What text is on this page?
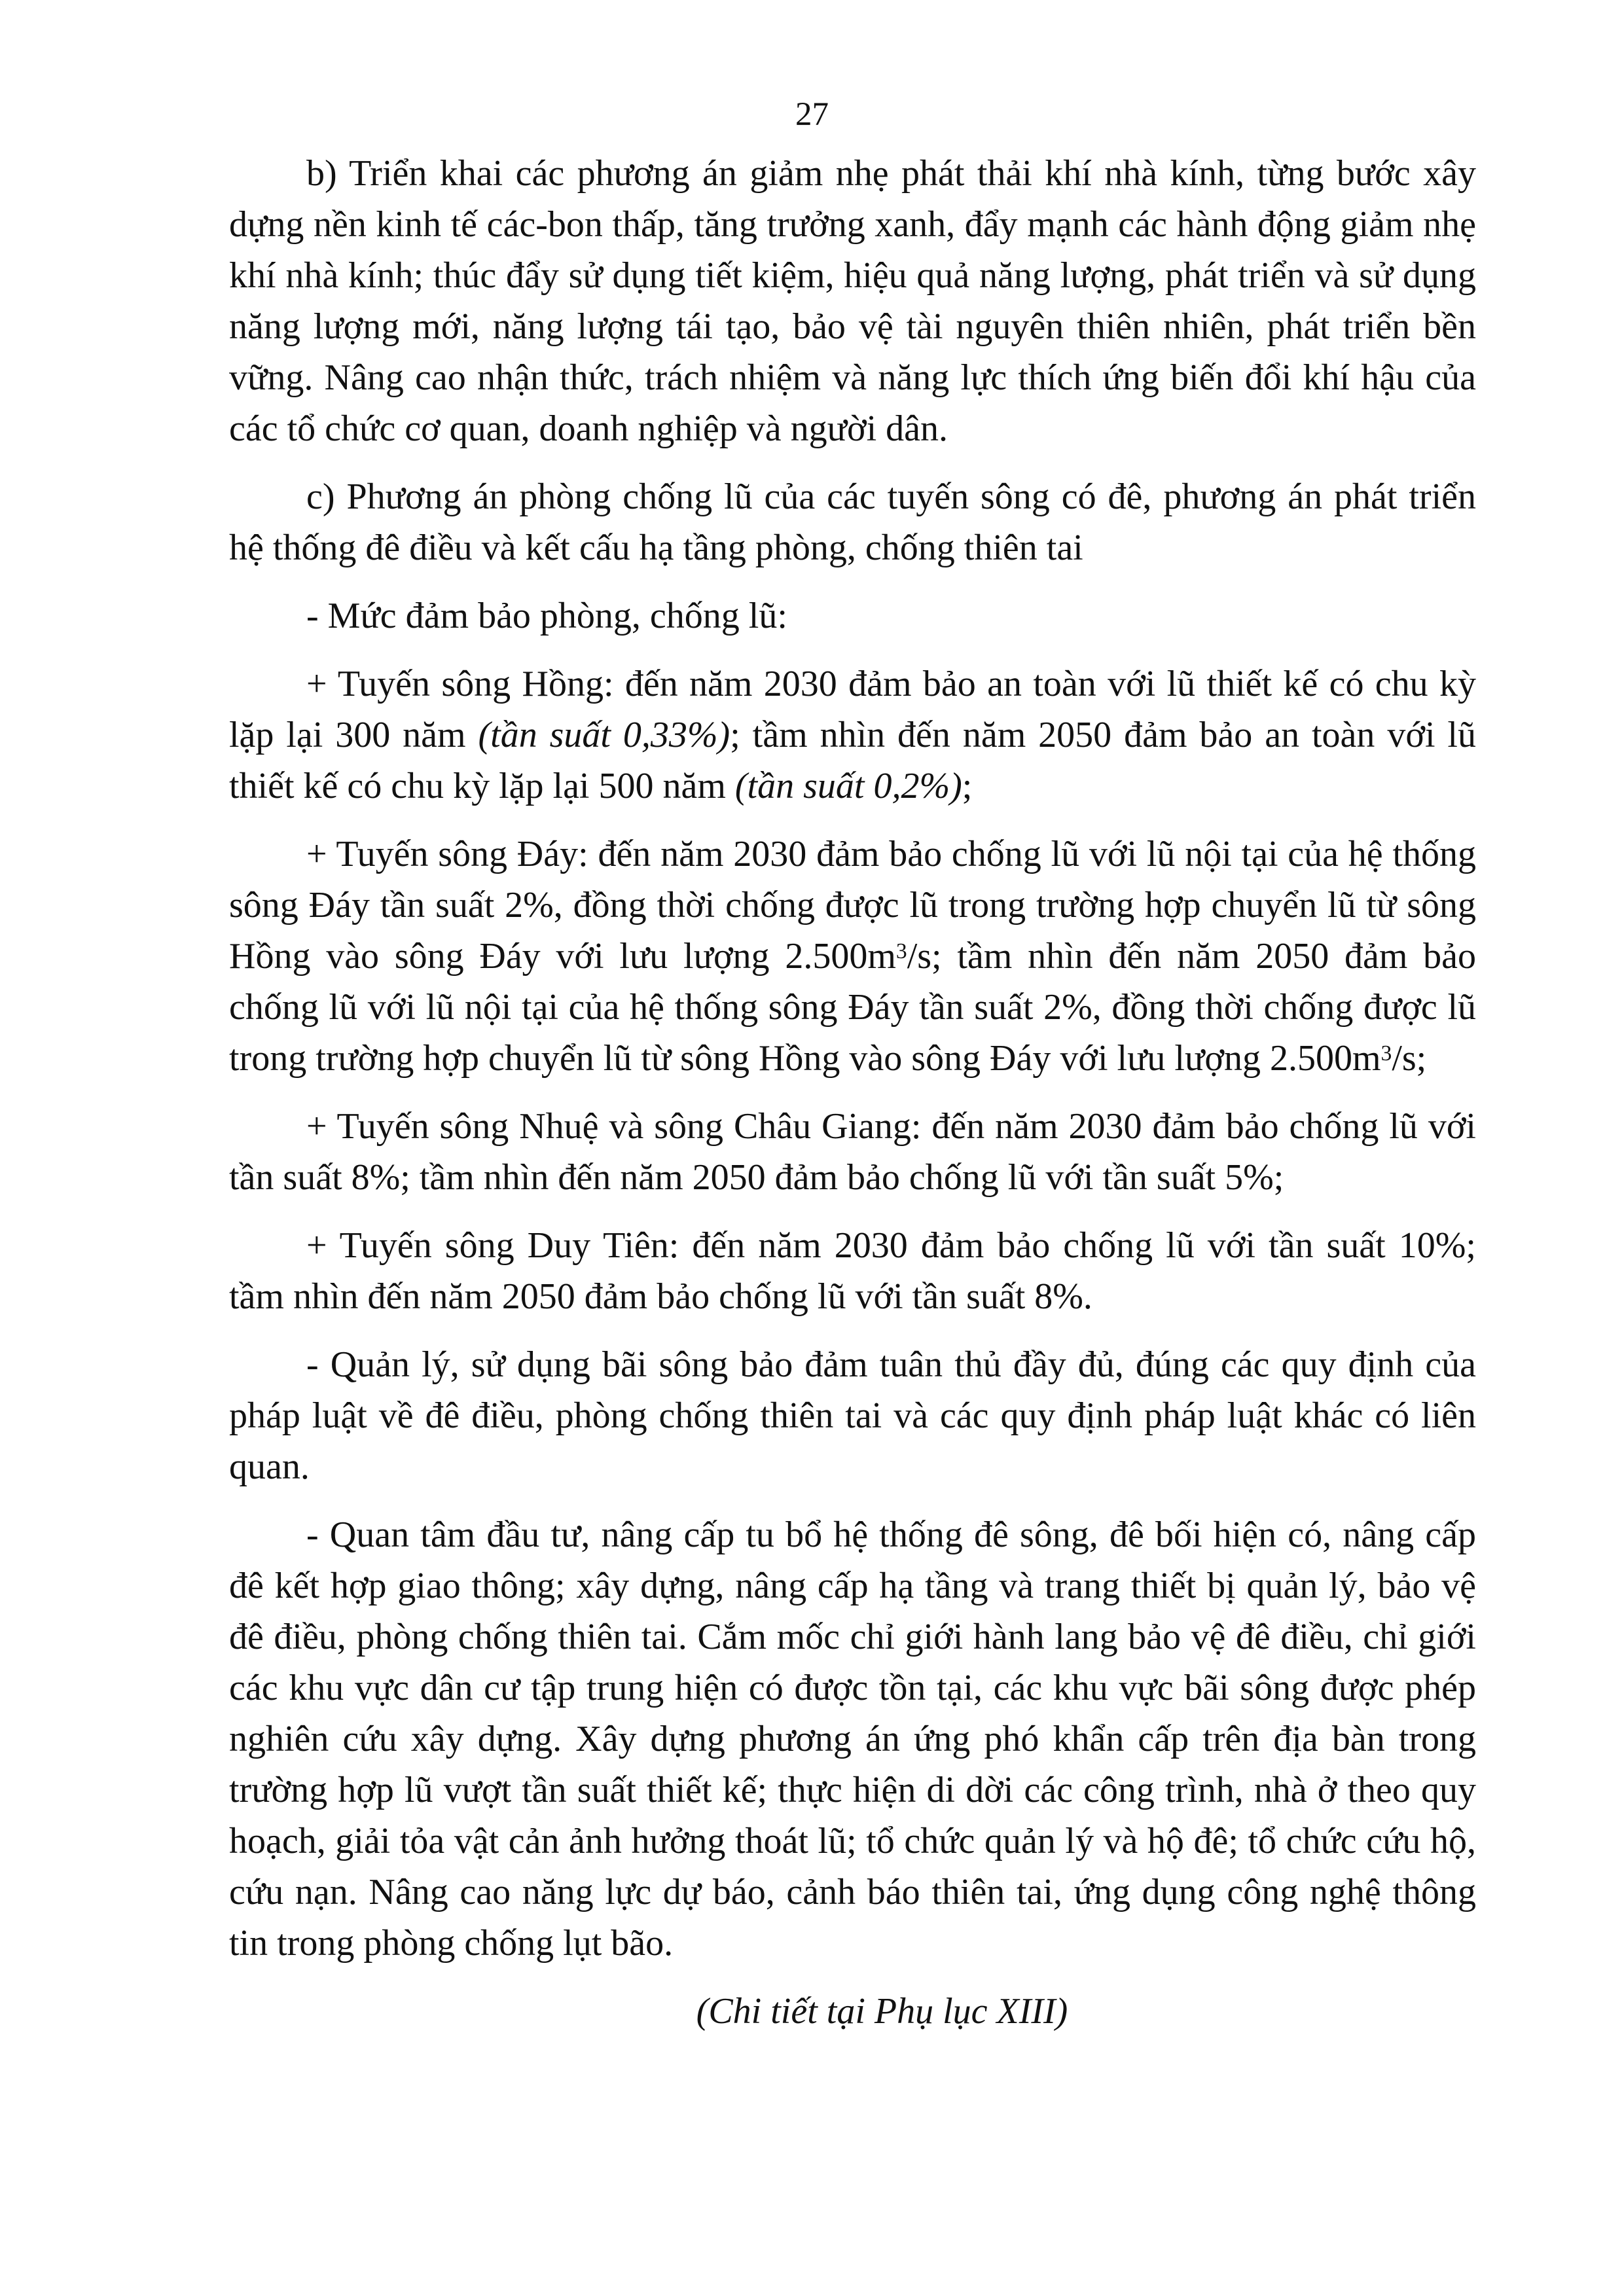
27

b) Triển khai các phương án giảm nhẹ phát thải khí nhà kính, từng bước xây dựng nền kinh tế các-bon thấp, tăng trưởng xanh, đẩy mạnh các hành động giảm nhẹ khí nhà kính; thúc đẩy sử dụng tiết kiệm, hiệu quả năng lượng, phát triển và sử dụng năng lượng mới, năng lượng tái tạo, bảo vệ tài nguyên thiên nhiên, phát triển bền vững. Nâng cao nhận thức, trách nhiệm và năng lực thích ứng biến đổi khí hậu của các tổ chức cơ quan, doanh nghiệp và người dân.

c) Phương án phòng chống lũ của các tuyến sông có đê, phương án phát triển hệ thống đê điều và kết cấu hạ tầng phòng, chống thiên tai

- Mức đảm bảo phòng, chống lũ:

+ Tuyến sông Hồng: đến năm 2030 đảm bảo an toàn với lũ thiết kế có chu kỳ lặp lại 300 năm (tần suất 0,33%); tầm nhìn đến năm 2050 đảm bảo an toàn với lũ thiết kế có chu kỳ lặp lại 500 năm (tần suất 0,2%);

+ Tuyến sông Đáy: đến năm 2030 đảm bảo chống lũ với lũ nội tại của hệ thống sông Đáy tần suất 2%, đồng thời chống được lũ trong trường hợp chuyển lũ từ sông Hồng vào sông Đáy với lưu lượng $2.500m^3/s$; tầm nhìn đến năm 2050 đảm bảo chống lũ với lũ nội tại của hệ thống sông Đáy tần suất 2%, đồng thời chống được lũ trong trường hợp chuyển lũ từ sông Hồng vào sông Đáy với lưu lượng $2.500m^3/s$;

+ Tuyến sông Nhuệ và sông Châu Giang: đến năm 2030 đảm bảo chống lũ với tần suất 8%; tầm nhìn đến năm 2050 đảm bảo chống lũ với tần suất 5%;

+ Tuyến sông Duy Tiên: đến năm 2030 đảm bảo chống lũ với tần suất 10%; tầm nhìn đến năm 2050 đảm bảo chống lũ với tần suất 8%.

- Quản lý, sử dụng bãi sông bảo đảm tuân thủ đầy đủ, đúng các quy định của pháp luật về đê điều, phòng chống thiên tai và các quy định pháp luật khác có liên quan.

- Quan tâm đầu tư, nâng cấp tu bổ hệ thống đê sông, đê bối hiện có, nâng cấp đê kết hợp giao thông; xây dựng, nâng cấp hạ tầng và trang thiết bị quản lý, bảo vệ đê điều, phòng chống thiên tai. Cắm mốc chỉ giới hành lang bảo vệ đê điều, chỉ giới các khu vực dân cư tập trung hiện có được tồn tại, các khu vực bãi sông được phép nghiên cứu xây dựng. Xây dựng phương án ứng phó khẩn cấp trên địa bàn trong trường hợp lũ vượt tần suất thiết kế; thực hiện di dời các công trình, nhà ở theo quy hoạch, giải tỏa vật cản ảnh hưởng thoát lũ; tổ chức quản lý và hộ đê; tổ chức cứu hộ, cứu nạn. Nâng cao năng lực dự báo, cảnh báo thiên tai, ứng dụng công nghệ thông tin trong phòng chống lụt bão.

(Chi tiết tại Phụ lục XIII)
